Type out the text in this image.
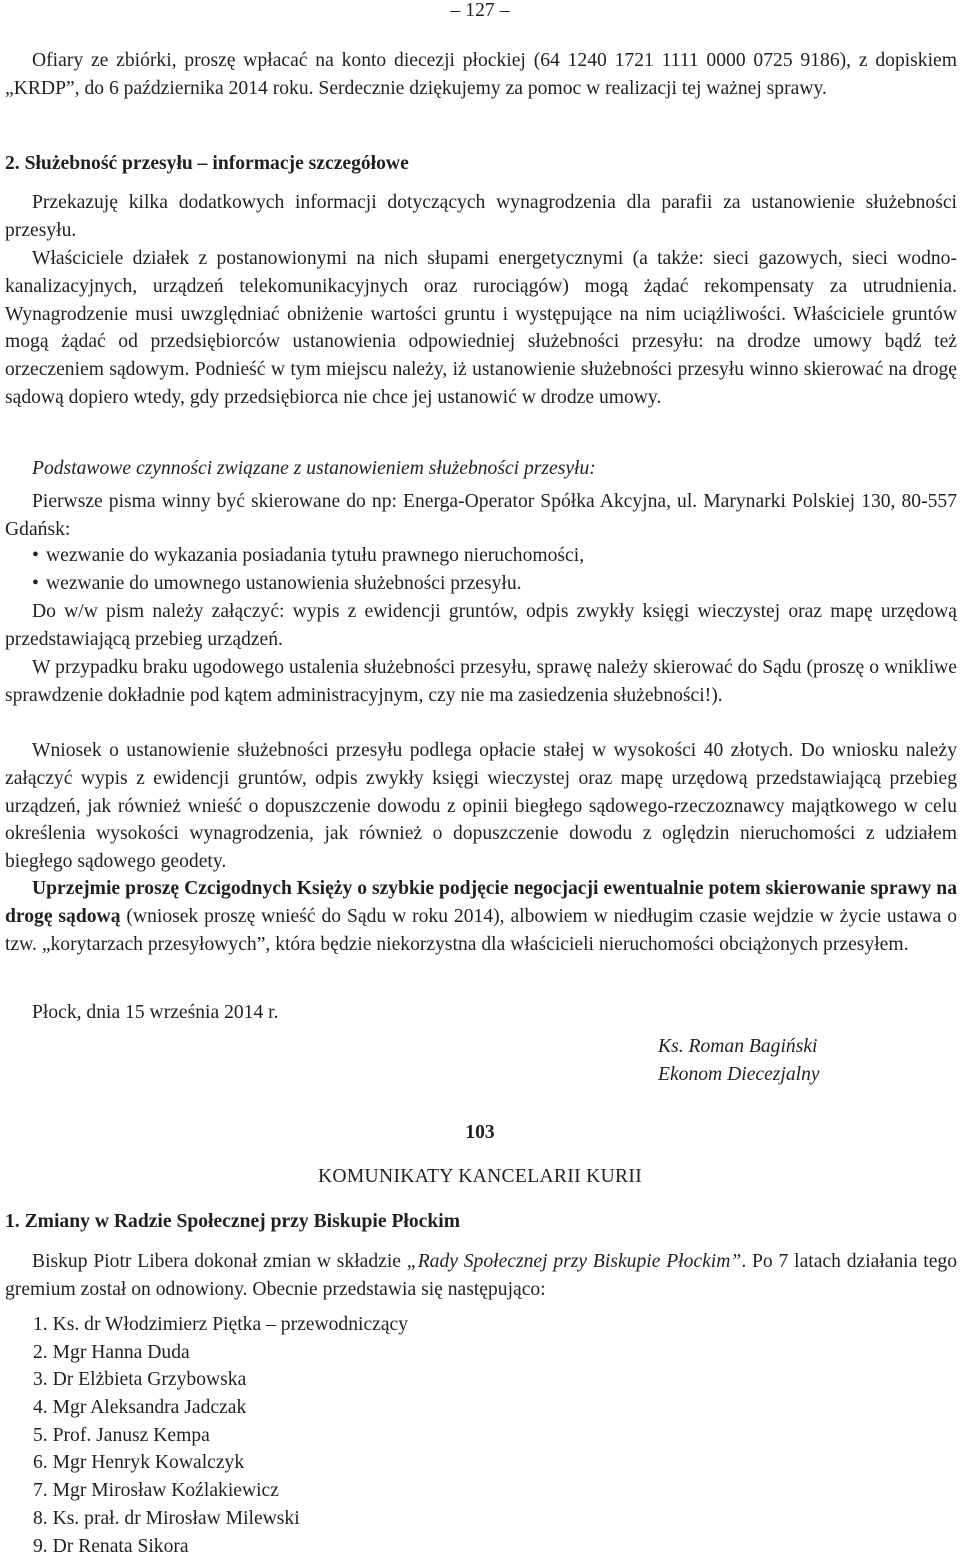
– 127 –

Ofiary ze zbiórki, proszę wpłacać na konto diecezji płockiej (64 1240 1721 1111 0000 0725 9186), z dopiskiem „KRDP”, do 6 października 2014 roku. Serdecznie dziękujemy za pomoc w realizacji tej ważnej sprawy.

2. Służebność przesyłu – informacje szczegółowe

Przekazuję kilka dodatkowych informacji dotyczących wynagrodzenia dla parafii za ustanowienie służebności przesyłu.

Właściciele działek z postanowionymi na nich słupami energetycznymi (a także: sieci gazowych, sieci wodno-kanalizacyjnych, urządzeń telekomunikacyjnych oraz rurociągów) mogą żądać rekompensaty za utrudnienia. Wynagrodzenie musi uwzględniać obniżenie wartości gruntu i występujące na nim uciążliwości. Właściciele gruntów mogą żądać od przedsiębiorców ustanowienia odpowiedniej służebności przesyłu: na drodze umowy bądź też orzeczeniem sądowym. Podnieść w tym miejscu należy, iż ustanowienie służebności przesyłu winno skierować na drogę sądową dopiero wtedy, gdy przedsiębiorca nie chce jej ustanowić w drodze umowy.

Podstawowe czynności związane z ustanowieniem służebności przesyłu:

Pierwsze pisma winny być skierowane do np: Energa-Operator Spółka Akcyjna, ul. Marynarki Polskiej 130, 80-557 Gdańsk:

• wezwanie do wykazania posiadania tytułu prawnego nieruchomości,

• wezwanie do umownego ustanowienia służebności przesyłu.

Do w/w pism należy załączyć: wypis z ewidencji gruntów, odpis zwykły księgi wieczystej oraz mapę urzędową przedstawiającą przebieg urządzeń.

W przypadku braku ugodowego ustalenia służebności przesyłu, sprawę należy skierować do Sądu (proszę o wnikliwe sprawdzenie dokładnie pod kątem administracyjnym, czy nie ma zasiedzenia służebności!).

Wniosek o ustanowienie służebności przesyłu podlega opłacie stałej w wysokości 40 złotych. Do wniosku należy załączyć wypis z ewidencji gruntów, odpis zwykły księgi wieczystej oraz mapę urzędową przedstawiającą przebieg urządzeń, jak również wnieść o dopuszczenie dowodu z opinii biegłego sądowego-rzeczoznawcy majątkowego w celu określenia wysokości wynagrodzenia, jak również o dopuszczenie dowodu z oględzin nieruchomości z udziałem biegłego sądowego geodety.

Uprzejmie proszę Czcigodnych Księży o szybkie podjęcie negocjacji ewentualnie potem skierowanie sprawy na drogę sądową (wniosek proszę wnieść do Sądu w roku 2014), albowiem w niedługim czasie wejdzie w życie ustawa o tzw. „korytarzach przesyłowych”, która będzie niekorzystna dla właścicieli nieruchomości obciążonych przesyłem.

Płock, dnia 15 września 2014 r.

Ks. Roman Bagiński

Ekonom Diecezjalny

103

KOMUNIKATY KANCELARII KURII

1. Zmiany w Radzie Społecznej przy Biskupie Płockim

Biskup Piotr Libera dokonał zmian w składzie „Rady Społecznej przy Biskupie Płockim”. Po 7 latach działania tego gremium został on odnowiony. Obecnie przedstawia się następująco:

1. Ks. dr Włodzimierz Piętka – przewodniczący
2. Mgr Hanna Duda
3. Dr Elżbieta Grzybowska
4. Mgr Aleksandra Jadczak
5. Prof. Janusz Kempa
6. Mgr Henryk Kowalczyk
7. Mgr Mirosław Koźlakiewicz
8. Ks. prał. dr Mirosław Milewski
9. Dr Renata Sikora
